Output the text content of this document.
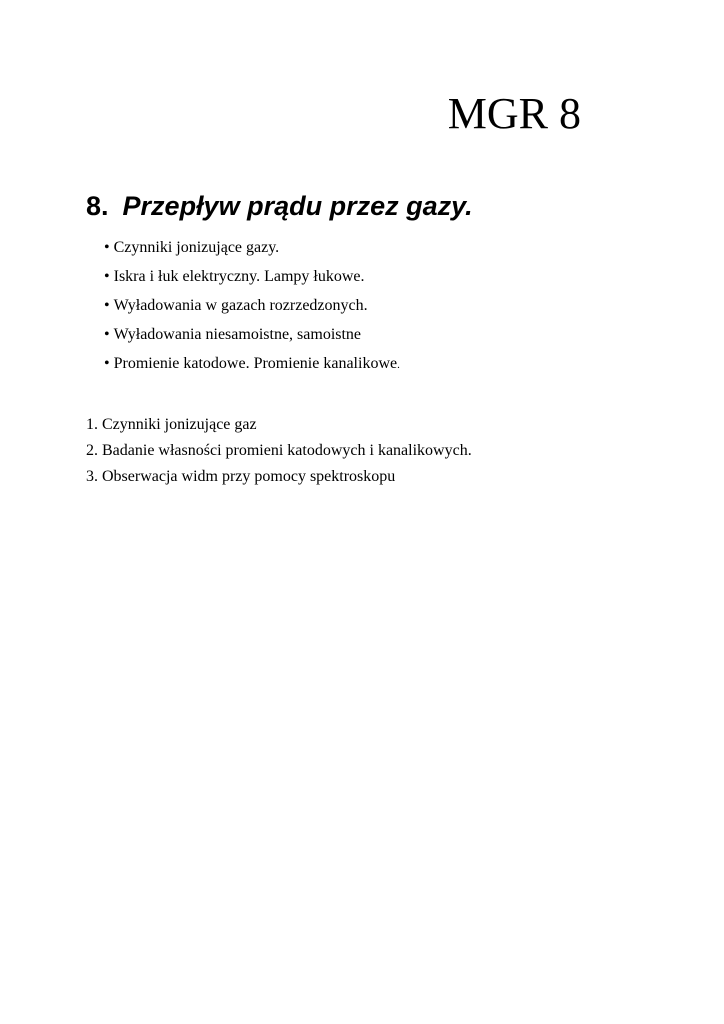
MGR 8
8. Przepływ prądu przez gazy.
• Czynniki jonizujące gazy.
• Iskra i łuk elektryczny. Lampy łukowe.
• Wyładowania w gazach rozrzedzonych.
• Wyładowania niesamoistne, samoistne
• Promienie katodowe. Promienie kanalikowe.
1. Czynniki jonizujące gaz
2. Badanie własności promieni katodowych i kanalikowych.
3. Obserwacja widm przy pomocy spektroskopu
